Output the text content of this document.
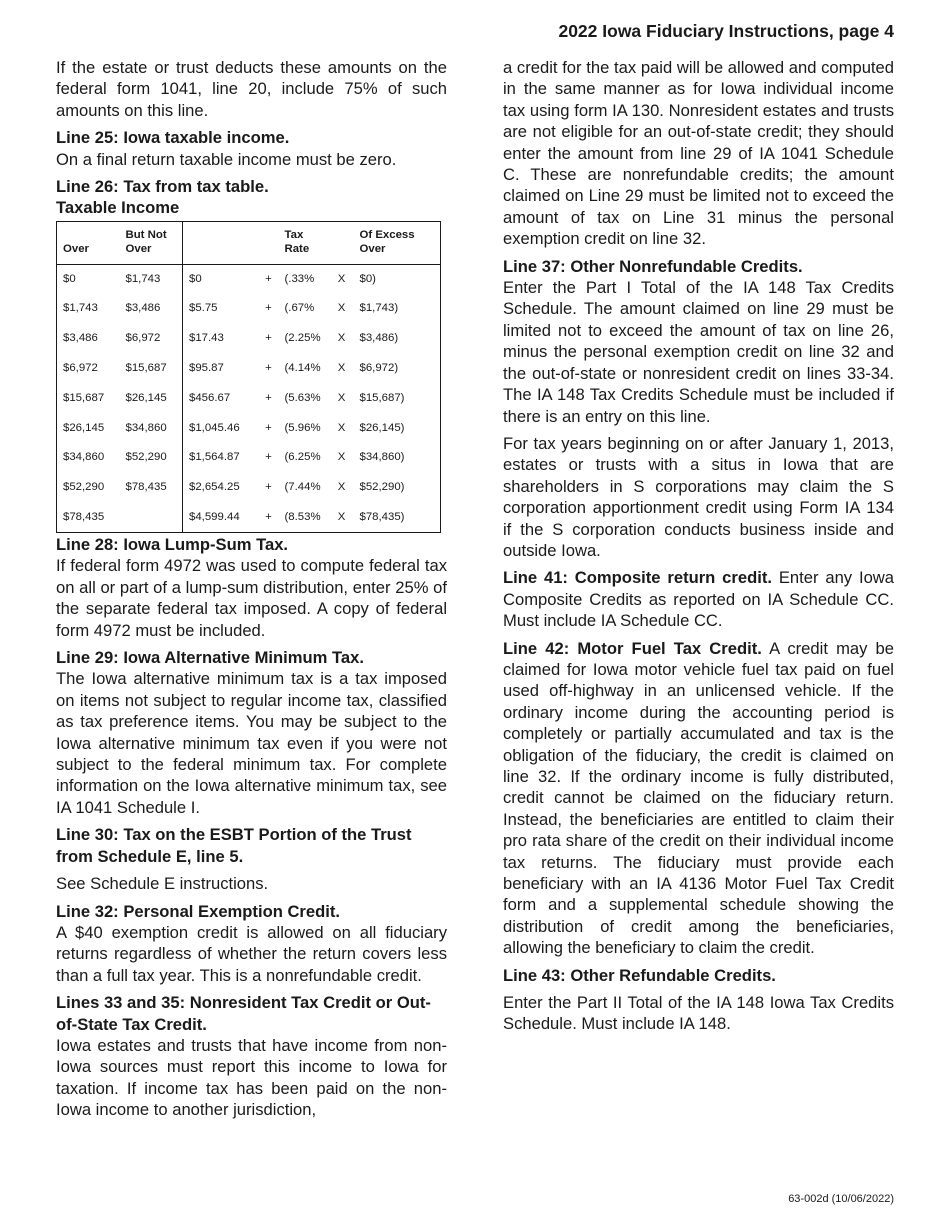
2022 Iowa Fiduciary Instructions, page 4

If the estate or trust deducts these amounts on the federal form 1041, line 20, include 75% of such amounts on this line.

Line 25: Iowa taxable income.

On a final return taxable income must be zero.

Line 26: Tax from tax table.
Taxable Income
Over	But Not Over			Tax Rate		Of Excess Over
$0	$1,743	$0	+	(.33%	X	$0)
$1,743	$3,486	$5.75	+	(.67%	X	$1,743)
$3,486	$6,972	$17.43	+	(2.25%	X	$3,486)
$6,972	$15,687	$95.87	+	(4.14%	X	$6,972)
$15,687	$26,145	$456.67	+	(5.63%	X	$15,687)
$26,145	$34,860	$1,045.46	+	(5.96%	X	$26,145)
$34,860	$52,290	$1,564.87	+	(6.25%	X	$34,860)
$52,290	$78,435	$2,654.25	+	(7.44%	X	$52,290)
$78,435		$4,599.44	+	(8.53%	X	$78,435)
Line 28: Iowa Lump-Sum Tax.

If federal form 4972 was used to compute federal tax on all or part of a lump-sum distribution, enter 25% of the separate federal tax imposed. A copy of federal form 4972 must be included.

Line 29: Iowa Alternative Minimum Tax.

The Iowa alternative minimum tax is a tax imposed on items not subject to regular income tax, classified as tax preference items. You may be subject to the Iowa alternative minimum tax even if you were not subject to the federal minimum tax. For complete information on the Iowa alternative minimum tax, see IA 1041 Schedule I.

Line 30: Tax on the ESBT Portion of the Trust from Schedule E, line 5.

See Schedule E instructions.

Line 32: Personal Exemption Credit.

A $40 exemption credit is allowed on all fiduciary returns regardless of whether the return covers less than a full tax year. This is a nonrefundable credit.

Lines 33 and 35: Nonresident Tax Credit or Out-of-State Tax Credit.

Iowa estates and trusts that have income from non-Iowa sources must report this income to Iowa for taxation. If income tax has been paid on the non-Iowa income to another jurisdiction,

a credit for the tax paid will be allowed and computed in the same manner as for Iowa individual income tax using form IA 130. Nonresident estates and trusts are not eligible for an out-of-state credit; they should enter the amount from line 29 of IA 1041 Schedule C. These are nonrefundable credits; the amount claimed on Line 29 must be limited not to exceed the amount of tax on Line 31 minus the personal exemption credit on line 32.

Line 37: Other Nonrefundable Credits.

Enter the Part I Total of the IA 148 Tax Credits Schedule. The amount claimed on line 29 must be limited not to exceed the amount of tax on line 26, minus the personal exemption credit on line 32 and the out-of-state or nonresident credit on lines 33-34. The IA 148 Tax Credits Schedule must be included if there is an entry on this line.

For tax years beginning on or after January 1, 2013, estates or trusts with a situs in Iowa that are shareholders in S corporations may claim the S corporation apportionment credit using Form IA 134 if the S corporation conducts business inside and outside Iowa.

Line 41: Composite return credit. Enter any Iowa Composite Credits as reported on IA Schedule CC. Must include IA Schedule CC.

Line 42: Motor Fuel Tax Credit. A credit may be claimed for Iowa motor vehicle fuel tax paid on fuel used off-highway in an unlicensed vehicle. If the ordinary income during the accounting period is completely or partially accumulated and tax is the obligation of the fiduciary, the credit is claimed on line 32. If the ordinary income is fully distributed, credit cannot be claimed on the fiduciary return. Instead, the beneficiaries are entitled to claim their pro rata share of the credit on their individual income tax returns. The fiduciary must provide each beneficiary with an IA 4136 Motor Fuel Tax Credit form and a supplemental schedule showing the distribution of credit among the beneficiaries, allowing the beneficiary to claim the credit.

Line 43: Other Refundable Credits.

Enter the Part II Total of the IA 148 Iowa Tax Credits Schedule. Must include IA 148.

63-002d (10/06/2022)
